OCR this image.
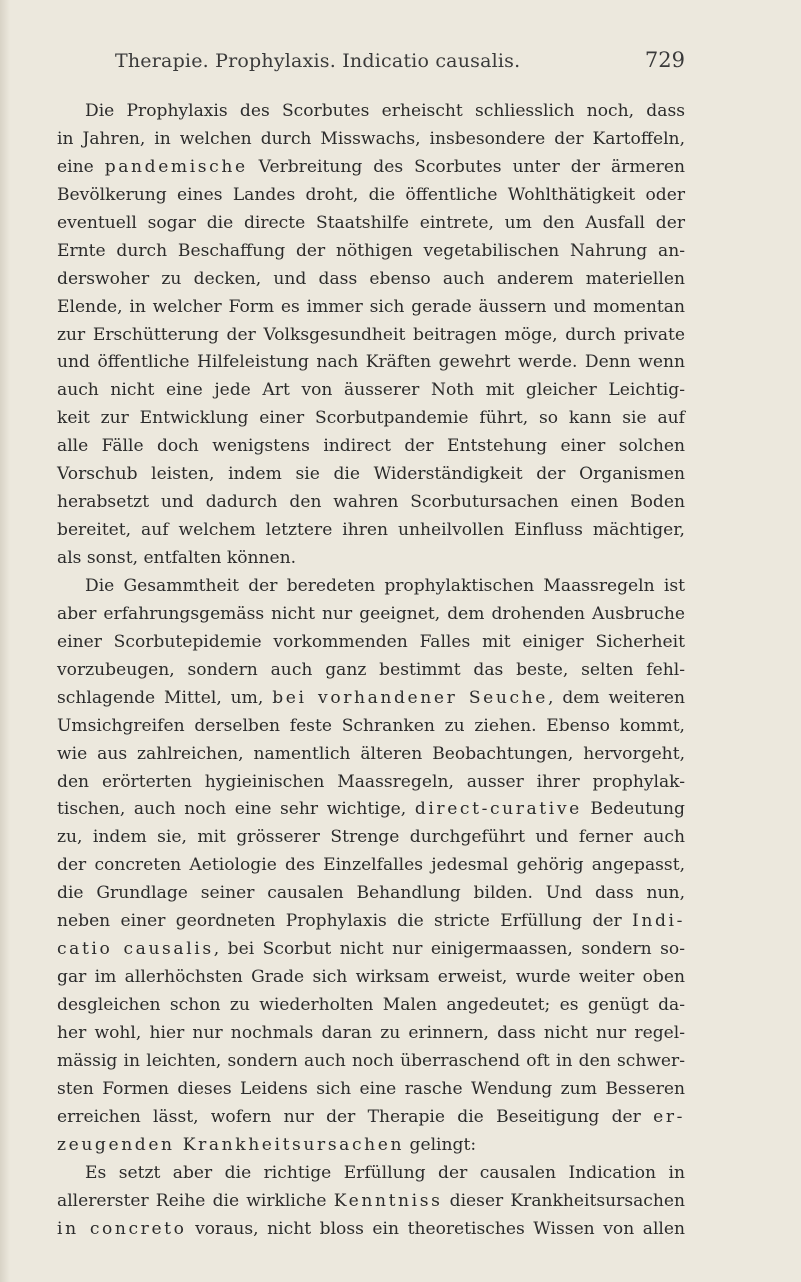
Therapie. Prophylaxis. Indicatio causalis.	729
Die Prophylaxis des Scorbutes erheischt schliesslich noch, dass
in Jahren, in welchen durch Misswachs, insbesondere der Kartoffeln,
eine pandemische Verbreitung des Scorbutes unter der ärmeren
Bevölkerung eines Landes droht, die öffentliche Wohlthätigkeit oder
eventuell sogar die directe Staatshilfe eintrete, um den Ausfall der
Ernte durch Beschaffung der nöthigen vegetabilischen Nahrung an-
derswoher zu decken, und dass ebenso auch anderem materiellen
Elende, in welcher Form es immer sich gerade äussern und momentan
zur Erschütterung der Volksgesundheit beitragen möge, durch private
und öffentliche Hilfeleistung nach Kräften gewehrt werde. Denn wenn
auch nicht eine jede Art von äusserer Noth mit gleicher Leichtig-
keit zur Entwicklung einer Scorbutpandemie führt, so kann sie auf
alle Fälle doch wenigstens indirect der Entstehung einer solchen
Vorschub leisten, indem sie die Widerständigkeit der Organismen
herabsetzt und dadurch den wahren Scorbutursachen einen Boden
bereitet, auf welchem letztere ihren unheilvollen Einfluss mächtiger,
als sonst, entfalten können.
Die Gesammtheit der beredeten prophylaktischen Maassregeln ist
aber erfahrungsgemäss nicht nur geeignet, dem drohenden Ausbruche
einer Scorbutepidemie vorkommenden Falles mit einiger Sicherheit
vorzubeugen, sondern auch ganz bestimmt das beste, selten fehl-
schlagende Mittel, um, bei vorhandener Seuche, dem weiteren
Umsichgreifen derselben feste Schranken zu ziehen. Ebenso kommt,
wie aus zahlreichen, namentlich älteren Beobachtungen, hervorgeht,
den erörterten hygieinischen Maassregeln, ausser ihrer prophylak-
tischen, auch noch eine sehr wichtige, direct-curative Bedeutung
zu, indem sie, mit grösserer Strenge durchgeführt und ferner auch
der concreten Aetiologie des Einzelfalles jedesmal gehörig angepasst,
die Grundlage seiner causalen Behandlung bilden. Und dass nun,
neben einer geordneten Prophylaxis die stricte Erfüllung der Indi-
catio causalis, bei Scorbut nicht nur einigermaassen, sondern so-
gar im allerhöchsten Grade sich wirksam erweist, wurde weiter oben
desgleichen schon zu wiederholten Malen angedeutet; es genügt da-
her wohl, hier nur nochmals daran zu erinnern, dass nicht nur regel-
mässig in leichten, sondern auch noch überraschend oft in den schwer-
sten Formen dieses Leidens sich eine rasche Wendung zum Besseren
erreichen lässt, wofern nur der Therapie die Beseitigung der er-
zeugenden Krankheitsursachen gelingt:
Es setzt aber die richtige Erfüllung der causalen Indication in
allererster Reihe die wirkliche Kenntniss dieser Krankheitsursachen
in concreto voraus, nicht bloss ein theoretisches Wissen von allen
